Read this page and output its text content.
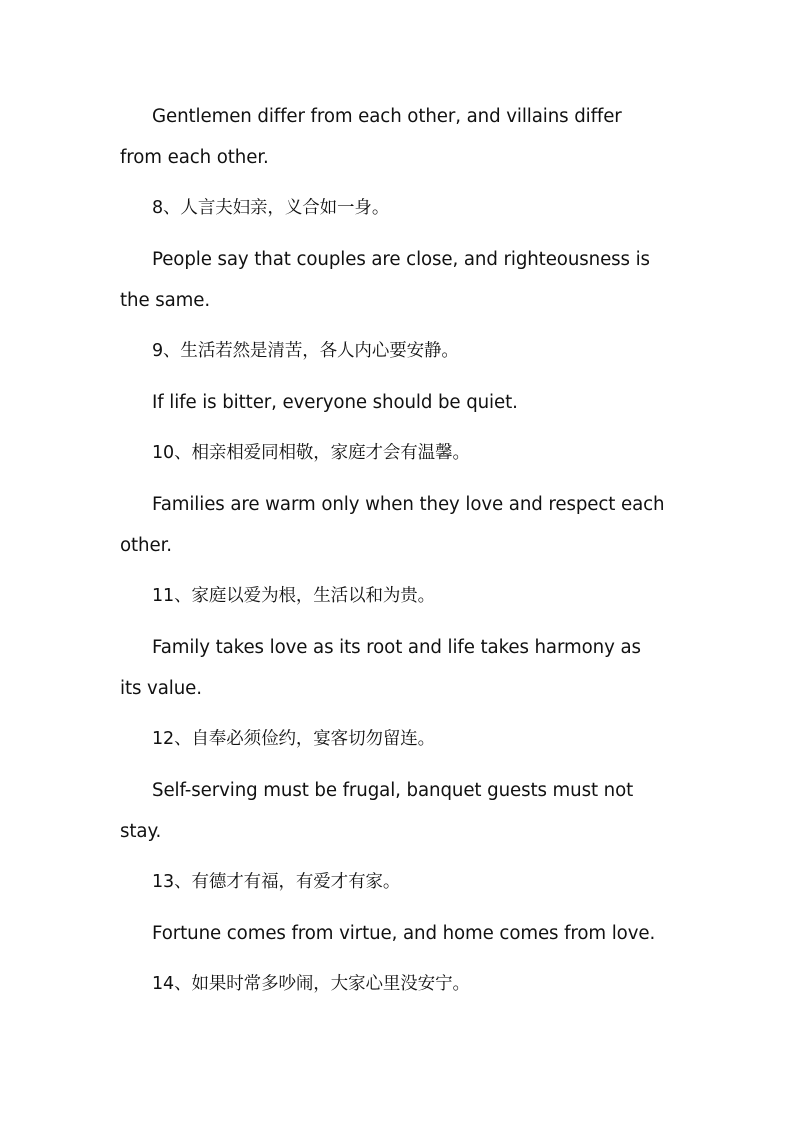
Gentlemen differ from each other, and villains differ from each other.

8、人言夫妇亲，义合如一身。

People say that couples are close, and righteousness is the same.

9、生活若然是清苦，各人内心要安静。

If life is bitter, everyone should be quiet.

10、相亲相爱同相敬，家庭才会有温馨。

Families are warm only when they love and respect each other.

11、家庭以爱为根，生活以和为贵。

Family takes love as its root and life takes harmony as its value.

12、自奉必须俭约，宴客切勿留连。

Self-serving must be frugal, banquet guests must not stay.

13、有德才有福，有爱才有家。

Fortune comes from virtue, and home comes from love.

14、如果时常多吵闹，大家心里没安宁。
